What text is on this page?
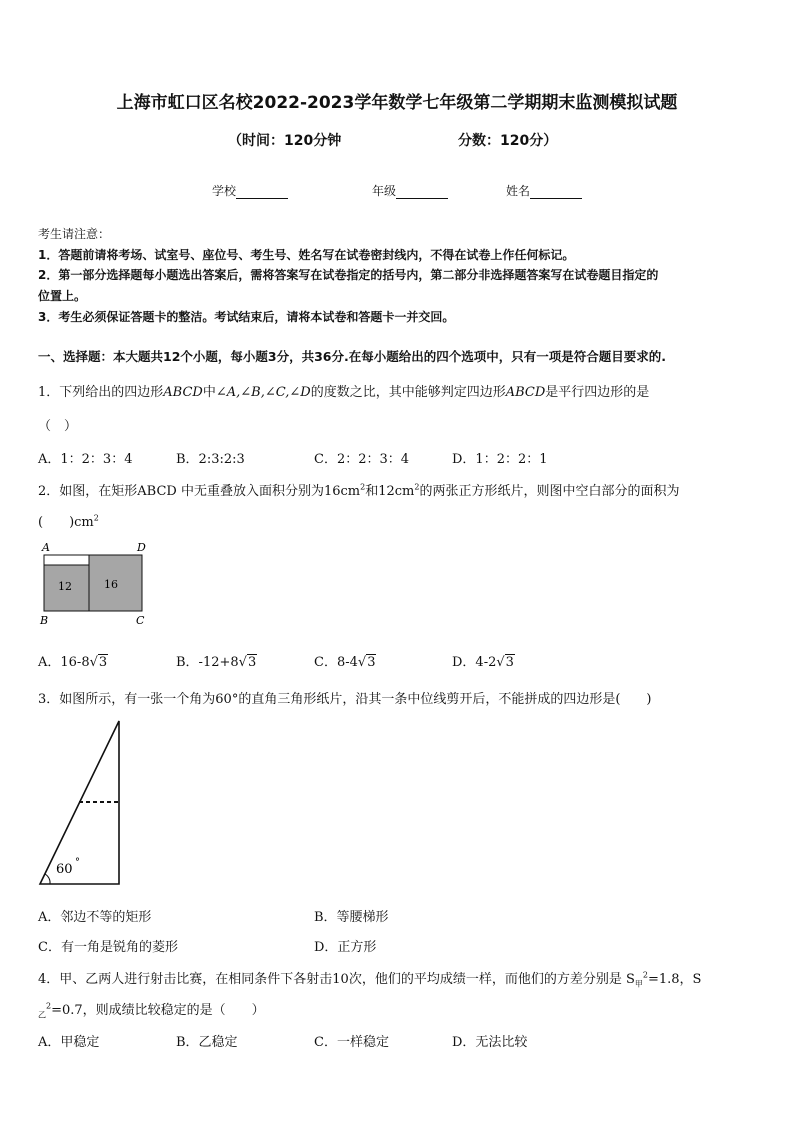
上海市虹口区名校2022-2023学年数学七年级第二学期期末监测模拟试题
（时间：120分钟	分数：120分）
学校	年级	姓名
考生请注意：
1．答题前请将考场、试室号、座位号、考生号、姓名写在试卷密封线内，不得在试卷上作任何标记。
2．第一部分选择题每小题选出答案后，需将答案写在试卷指定的括号内，第二部分非选择题答案写在试卷题目指定的
位置上。
3．考生必须保证答题卡的整洁。考试结束后，请将本试卷和答题卡一并交回。
一、选择题：本大题共12个小题，每小题3分，共36分.在每小题给出的四个选项中，只有一项是符合题目要求的.
1．下列给出的四边形ABCD中∠A,∠B,∠C,∠D的度数之比，其中能够判定四边形ABCD是平行四边形的是
（　）
A．1：2：3：4	B．2:3:2:3	C．2：2：3：4	D．1：2：2：1
2．如图，在矩形ABCD 中无重叠放入面积分别为$16cm^2$和$12cm^2$的两张正方形纸片，则图中空白部分的面积为
(　　)$cm^2$
A	D
B	C
12	16
A．16-8√3	B．-12+8√3	C．8-4√3	D．4-2√3
3．如图所示，有一张一个角为60°的直角三角形纸片，沿其一条中位线剪开后，不能拼成的四边形是(　　)
60 °
A．邻边不等的矩形	B．等腰梯形
C．有一角是锐角的菱形	D．正方形
4．甲、乙两人进行射击比赛，在相同条件下各射击10次，他们的平均成绩一样，而他们的方差分别是 $S_甲^2=1.8$，S
$_乙^2$=0.7，则成绩比较稳定的是（　　）
A．甲稳定	B．乙稳定	C．一样稳定	D．无法比较
